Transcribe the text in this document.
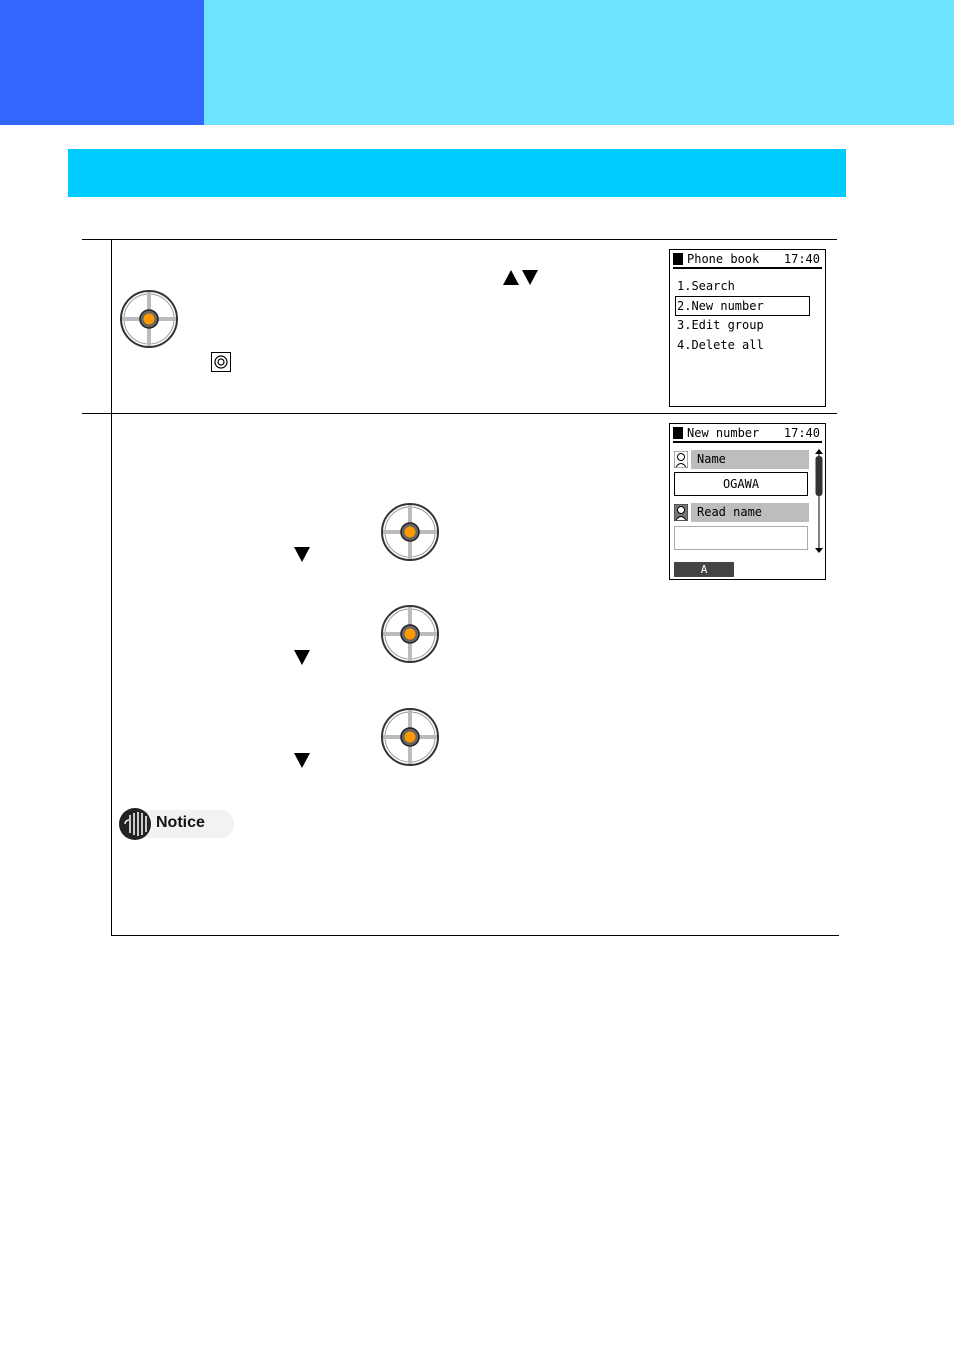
Phone book 17:40
1.Search
2.New number
3.Edit group
4.Delete all
New number 17:40
Name
OGAWA
Read name
A
Notice
